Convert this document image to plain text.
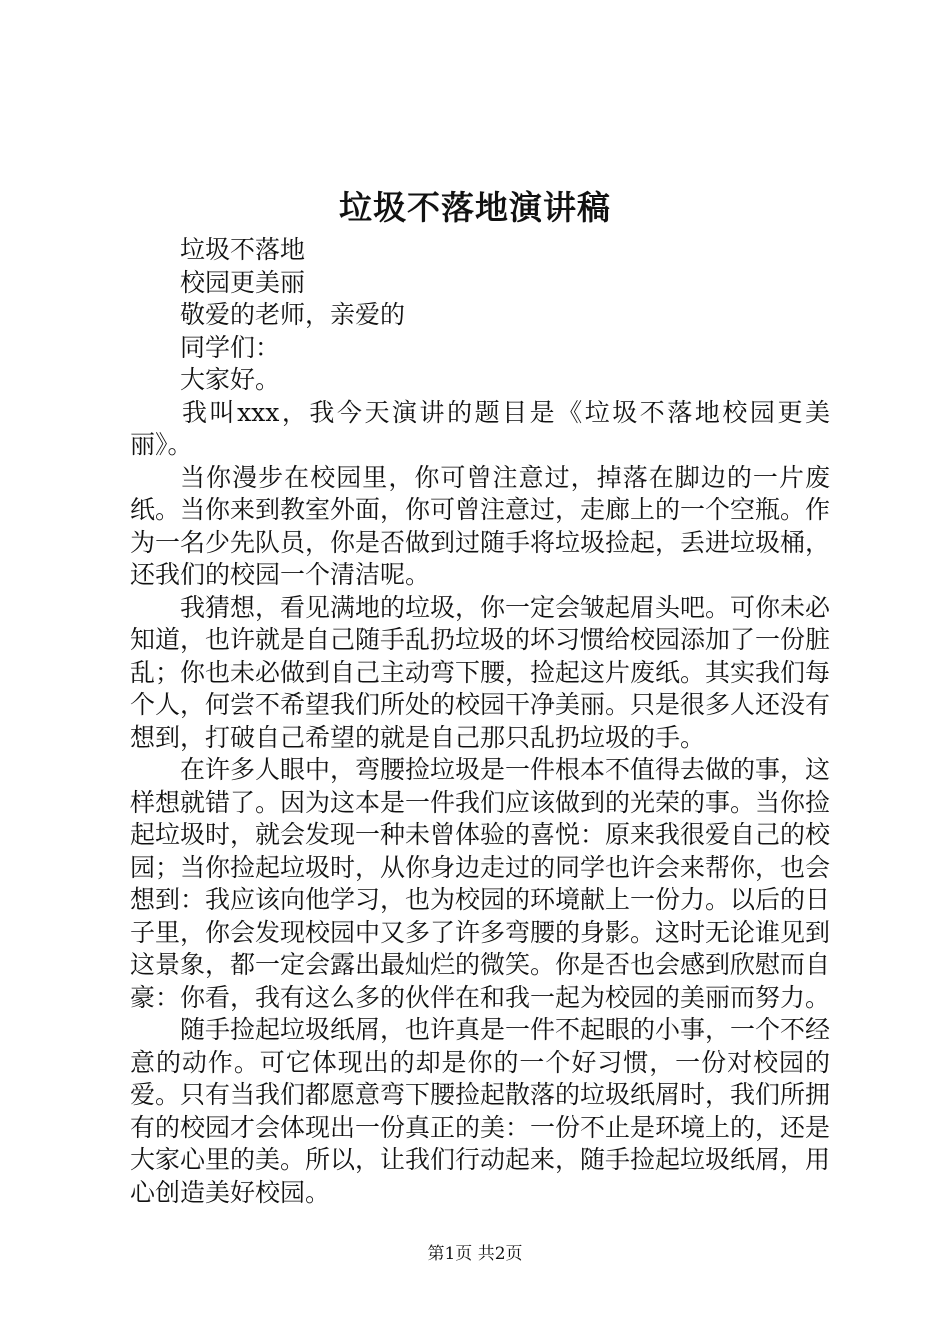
垃圾不落地演讲稿
垃圾不落地
校园更美丽
敬爱的老师，亲爱的
同学们：
大家好。

我叫xxx，我今天演讲的题目是《垃圾不落地校园更美丽》。

当你漫步在校园里，你可曾注意过，掉落在脚边的一片废纸。当你来到教室外面，你可曾注意过，走廊上的一个空瓶。作为一名少先队员，你是否做到过随手将垃圾捡起，丢进垃圾桶，还我们的校园一个清洁呢。

我猜想，看见满地的垃圾，你一定会皱起眉头吧。可你未必知道，也许就是自己随手乱扔垃圾的坏习惯给校园添加了一份脏乱；你也未必做到自己主动弯下腰，捡起这片废纸。其实我们每个人，何尝不希望我们所处的校园干净美丽。只是很多人还没有想到，打破自己希望的就是自己那只乱扔垃圾的手。

在许多人眼中，弯腰捡垃圾是一件根本不值得去做的事，这样想就错了。因为这本是一件我们应该做到的光荣的事。当你捡起垃圾时，就会发现一种未曾体验的喜悦：原来我很爱自己的校园；当你捡起垃圾时，从你身边走过的同学也许会来帮你，也会想到：我应该向他学习，也为校园的环境献上一份力。以后的日子里，你会发现校园中又多了许多弯腰的身影。这时无论谁见到这景象，都一定会露出最灿烂的微笑。你是否也会感到欣慰而自豪：你看，我有这么多的伙伴在和我一起为校园的美丽而努力。

随手捡起垃圾纸屑，也许真是一件不起眼的小事，一个不经意的动作。可它体现出的却是你的一个好习惯，一份对校园的爱。只有当我们都愿意弯下腰捡起散落的垃圾纸屑时，我们所拥有的校园才会体现出一份真正的美：一份不止是环境上的，还是大家心里的美。所以，让我们行动起来，随手捡起垃圾纸屑，用心创造美好校园。

第1页 共2页
